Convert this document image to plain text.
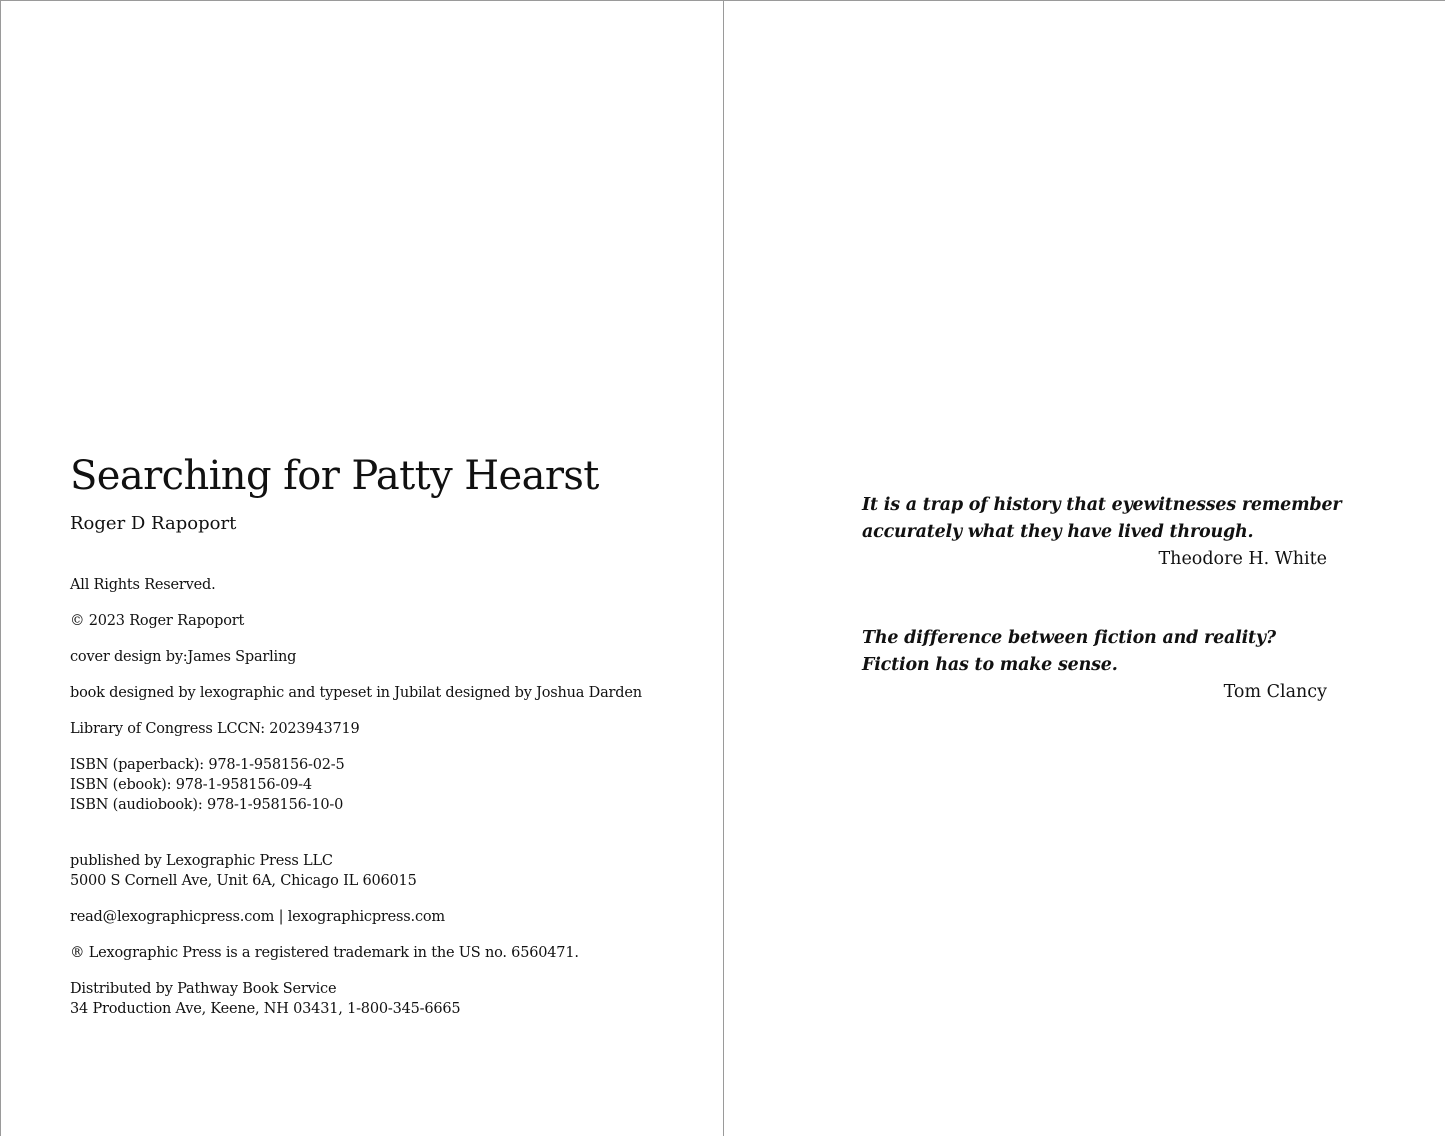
Searching for Patty Hearst

Roger D Rapoport

All Rights Reserved.
© 2023 Roger Rapoport
cover design by:James Sparling
book designed by lexographic and typeset in Jubilat designed by Joshua Darden
Library of Congress LCCN: 2023943719
ISBN (paperback): 978-1-958156-02-5
ISBN (ebook): 978-1-958156-09-4
ISBN (audiobook): 978-1-958156-10-0
published by Lexographic Press LLC
5000 S Cornell Ave, Unit 6A, Chicago IL 606015
read@lexographicpress.com | lexographicpress.com
® Lexographic Press is a registered trademark in the US no. 6560471.
Distributed by Pathway Book Service
34 Production Ave, Keene, NH 03431, 1-800-345-6665

It is a trap of history that eyewitnesses remember
accurately what they have lived through.

Theodore H. White

The difference between fiction and reality?
Fiction has to make sense.

Tom Clancy
